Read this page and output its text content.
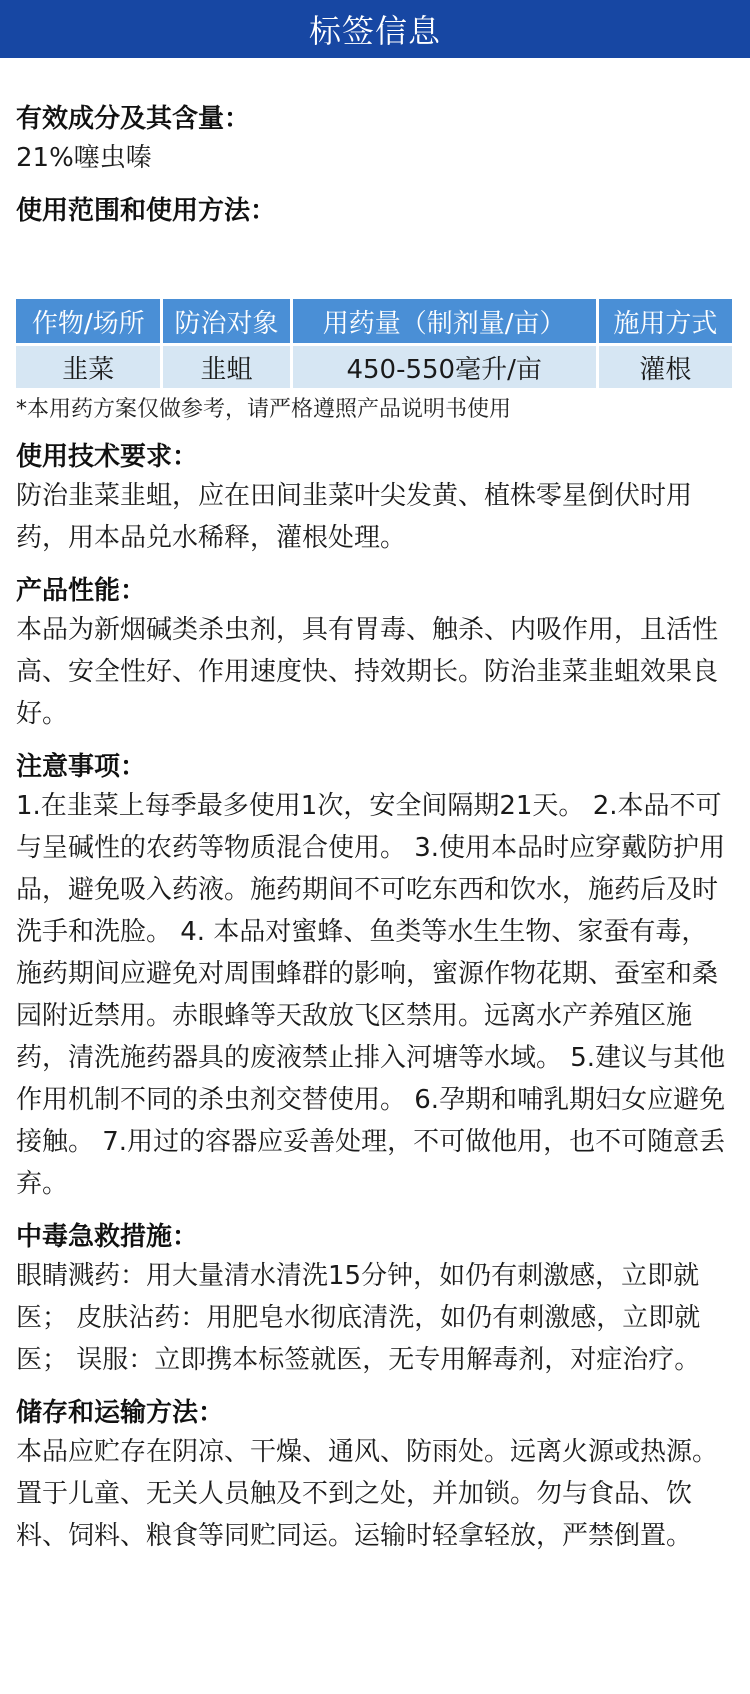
标签信息
有效成分及其含量：
21%噻虫嗪
使用范围和使用方法：
作物/场所	防治对象	用药量（制剂量/亩）	施用方式
韭菜	韭蛆	450-550毫升/亩	灌根
*本用药方案仅做参考，请严格遵照产品说明书使用
使用技术要求：
防治韭菜韭蛆，应在田间韭菜叶尖发黄、植株零星倒伏时用药，用本品兑水稀释，灌根处理。
产品性能：
本品为新烟碱类杀虫剂，具有胃毒、触杀、内吸作用，且活性高、安全性好、作用速度快、持效期长。防治韭菜韭蛆效果良好。
注意事项：
1.在韭菜上每季最多使用1次，安全间隔期21天。 2.本品不可与呈碱性的农药等物质混合使用。 3.使用本品时应穿戴防护用品，避免吸入药液。施药期间不可吃东西和饮水，施药后及时洗手和洗脸。 4. 本品对蜜蜂、鱼类等水生生物、家蚕有毒，施药期间应避免对周围蜂群的影响，蜜源作物花期、蚕室和桑园附近禁用。赤眼蜂等天敌放飞区禁用。远离水产养殖区施药，清洗施药器具的废液禁止排入河塘等水域。 5.建议与其他作用机制不同的杀虫剂交替使用。 6.孕期和哺乳期妇女应避免接触。 7.用过的容器应妥善处理，不可做他用，也不可随意丢弃。
中毒急救措施：
眼睛溅药：用大量清水清洗15分钟，如仍有刺激感，立即就医； 皮肤沾药：用肥皂水彻底清洗，如仍有刺激感，立即就医； 误服：立即携本标签就医，无专用解毒剂，对症治疗。
储存和运输方法：
本品应贮存在阴凉、干燥、通风、防雨处。远离火源或热源。置于儿童、无关人员触及不到之处，并加锁。勿与食品、饮料、饲料、粮食等同贮同运。运输时轻拿轻放，严禁倒置。
